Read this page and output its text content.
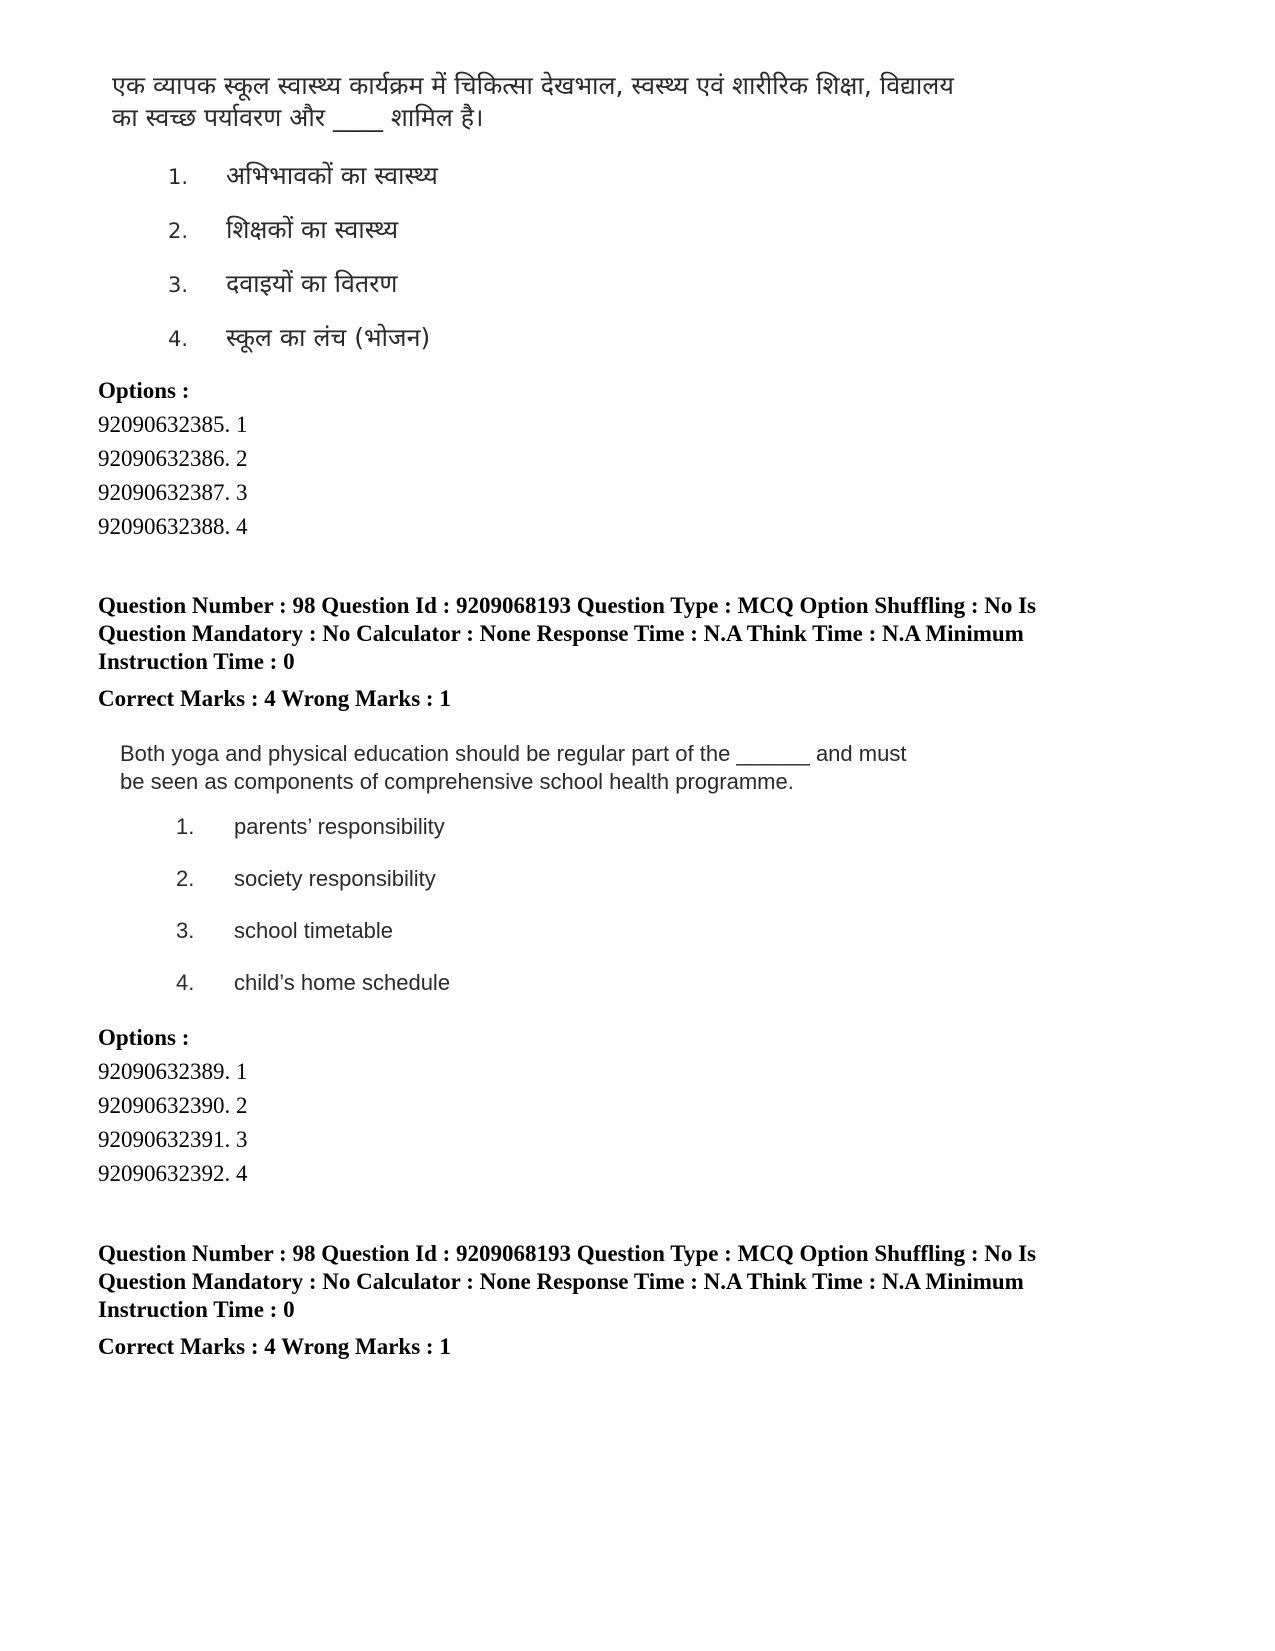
एक व्यापक स्कूल स्वास्थ्य कार्यक्रम में चिकित्सा देखभाल, स्वस्थ्य एवं शारीरिक शिक्षा, विद्यालय
का स्वच्छ पर्यावरण और ____ शामिल है।
1. अभिभावकों का स्वास्थ्य
2. शिक्षकों का स्वास्थ्य
3. दवाइयों का वितरण
4. स्कूल का लंच (भोजन)
Options :
92090632385. 1
92090632386. 2
92090632387. 3
92090632388. 4
Question Number : 98 Question Id : 9209068193 Question Type : MCQ Option Shuffling : No Is
Question Mandatory : No Calculator : None Response Time : N.A Think Time : N.A Minimum
Instruction Time : 0
Correct Marks : 4 Wrong Marks : 1
Both yoga and physical education should be regular part of the ______ and must
be seen as components of comprehensive school health programme.
1. parents’ responsibility
2. society responsibility
3. school timetable
4. child’s home schedule
Options :
92090632389. 1
92090632390. 2
92090632391. 3
92090632392. 4
Question Number : 98 Question Id : 9209068193 Question Type : MCQ Option Shuffling : No Is
Question Mandatory : No Calculator : None Response Time : N.A Think Time : N.A Minimum
Instruction Time : 0
Correct Marks : 4 Wrong Marks : 1
